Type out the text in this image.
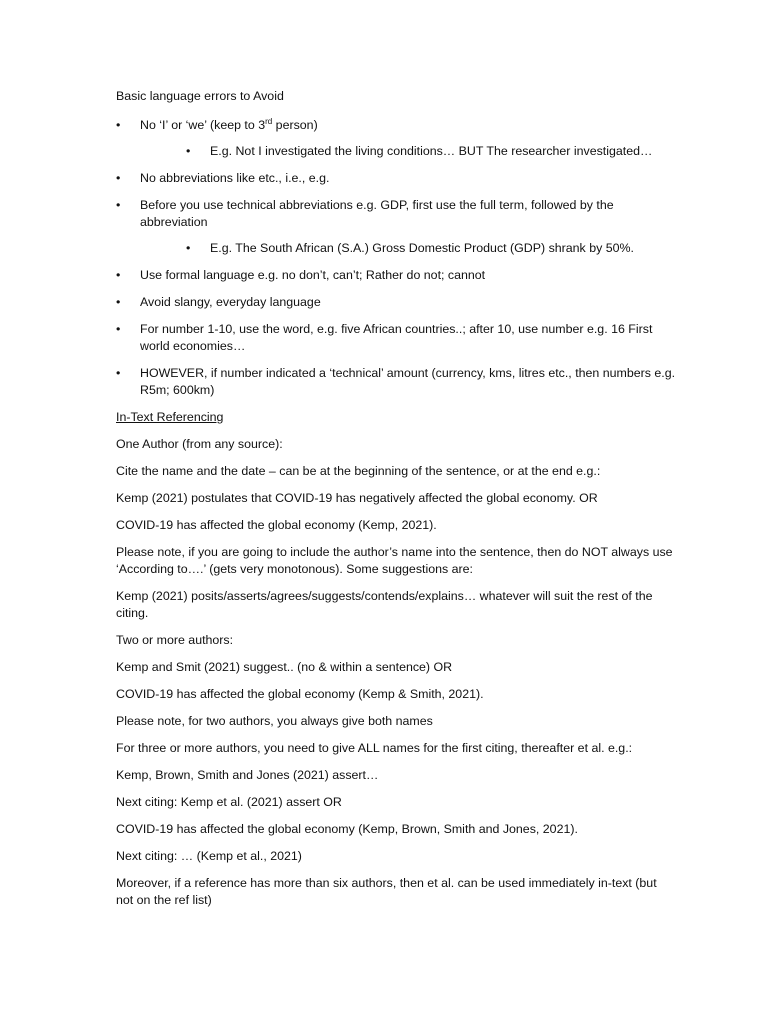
Basic language errors to Avoid

• No ‘I’ or ‘we’ (keep to 3rd person)
• E.g. Not I investigated the living conditions… BUT The researcher investigated…
• No abbreviations like etc., i.e., e.g.
• Before you use technical abbreviations e.g. GDP, first use the full term, followed by the abbreviation
• E.g. The South African (S.A.) Gross Domestic Product (GDP) shrank by 50%.
• Use formal language e.g. no don’t, can’t; Rather do not; cannot
• Avoid slangy, everyday language
• For number 1-10, use the word, e.g. five African countries..; after 10, use number e.g. 16 First world economies…
• HOWEVER, if number indicated a ‘technical’ amount (currency, kms, litres etc., then numbers e.g. R5m; 600km)

In-Text Referencing

One Author (from any source):

Cite the name and the date – can be at the beginning of the sentence, or at the end e.g.:

Kemp (2021) postulates that COVID-19 has negatively affected the global economy. OR

COVID-19 has affected the global economy (Kemp, 2021).

Please note, if you are going to include the author’s name into the sentence, then do NOT always use ‘According to….’ (gets very monotonous). Some suggestions are:

Kemp (2021) posits/asserts/agrees/suggests/contends/explains… whatever will suit the rest of the citing.

Two or more authors:

Kemp and Smit (2021) suggest.. (no & within a sentence) OR

COVID-19 has affected the global economy (Kemp & Smith, 2021).

Please note, for two authors, you always give both names

For three or more authors, you need to give ALL names for the first citing, thereafter et al. e.g.:

Kemp, Brown, Smith and Jones (2021) assert…

Next citing: Kemp et al. (2021) assert OR

COVID-19 has affected the global economy (Kemp, Brown, Smith and Jones, 2021).

Next citing: … (Kemp et al., 2021)

Moreover, if a reference has more than six authors, then et al. can be used immediately in-text (but not on the ref list)
